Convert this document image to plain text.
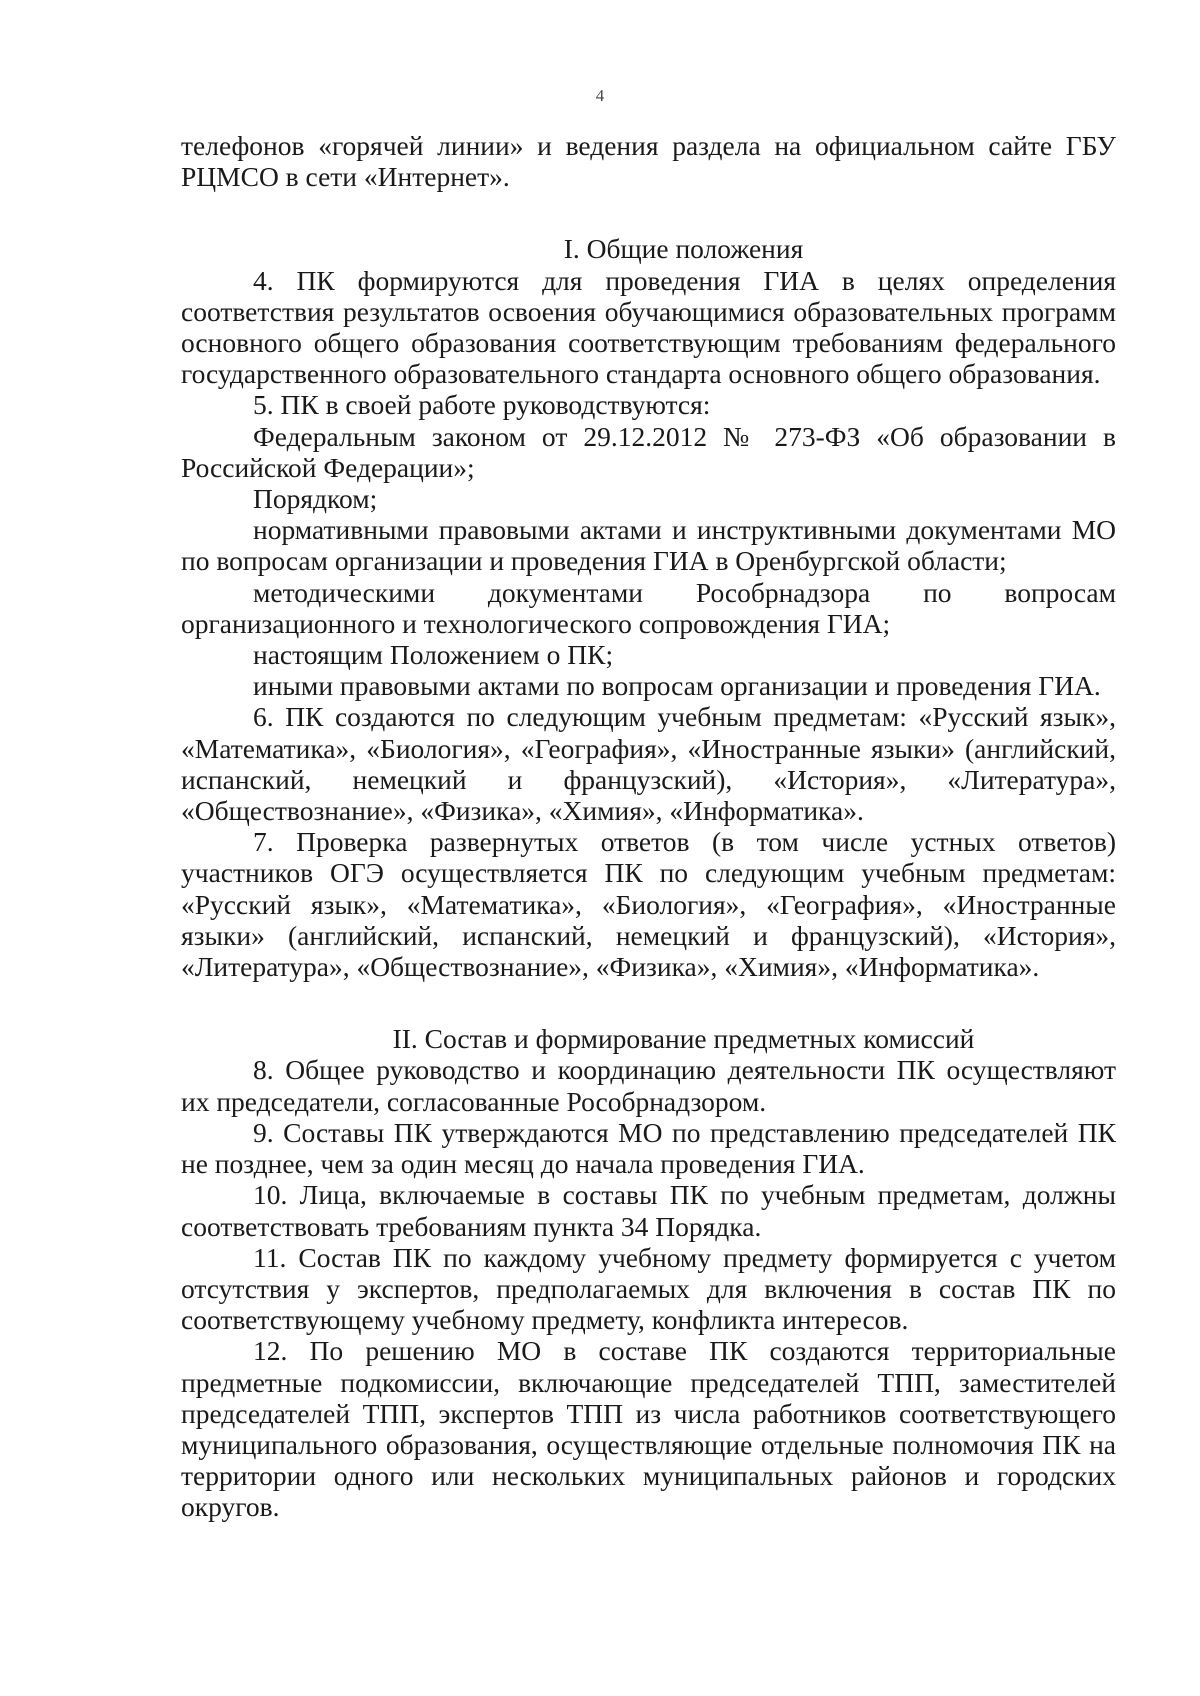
4

телефонов «горячей линии» и ведения раздела на официальном сайте ГБУ РЦМСО в сети «Интернет».

I. Общие положения

4. ПК формируются для проведения ГИА в целях определения соответствия результатов освоения обучающимися образовательных программ основного общего образования соответствующим требованиям федерального государственного образовательного стандарта основного общего образования.

5. ПК в своей работе руководствуются:

Федеральным законом от 29.12.2012 № 273-ФЗ «Об образовании в Российской Федерации»;

Порядком;

нормативными правовыми актами и инструктивными документами МО по вопросам организации и проведения ГИА в Оренбургской области;

методическими документами Рособрнадзора по вопросам организационного и технологического сопровождения ГИА;

настоящим Положением о ПК;

иными правовыми актами по вопросам организации и проведения ГИА.

6. ПК создаются по следующим учебным предметам: «Русский язык», «Математика», «Биология», «География», «Иностранные языки» (английский, испанский, немецкий и французский), «История», «Литература», «Обществознание», «Физика», «Химия», «Информатика».

7. Проверка развернутых ответов (в том числе устных ответов) участников ОГЭ осуществляется ПК по следующим учебным предметам: «Русский язык», «Математика», «Биология», «География», «Иностранные языки» (английский, испанский, немецкий и французский), «История», «Литература», «Обществознание», «Физика», «Химия», «Информатика».

II. Состав и формирование предметных комиссий

8. Общее руководство и координацию деятельности ПК осуществляют их председатели, согласованные Рособрнадзором.

9. Составы ПК утверждаются МО по представлению председателей ПК не позднее, чем за один месяц до начала проведения ГИА.

10. Лица, включаемые в составы ПК по учебным предметам, должны соответствовать требованиям пункта 34 Порядка.

11. Состав ПК по каждому учебному предмету формируется с учетом отсутствия у экспертов, предполагаемых для включения в состав ПК по соответствующему учебному предмету, конфликта интересов.

12. По решению МО в составе ПК создаются территориальные предметные подкомиссии, включающие председателей ТПП, заместителей председателей ТПП, экспертов ТПП из числа работников соответствующего муниципального образования, осуществляющие отдельные полномочия ПК на территории одного или нескольких муниципальных районов и городских округов.
